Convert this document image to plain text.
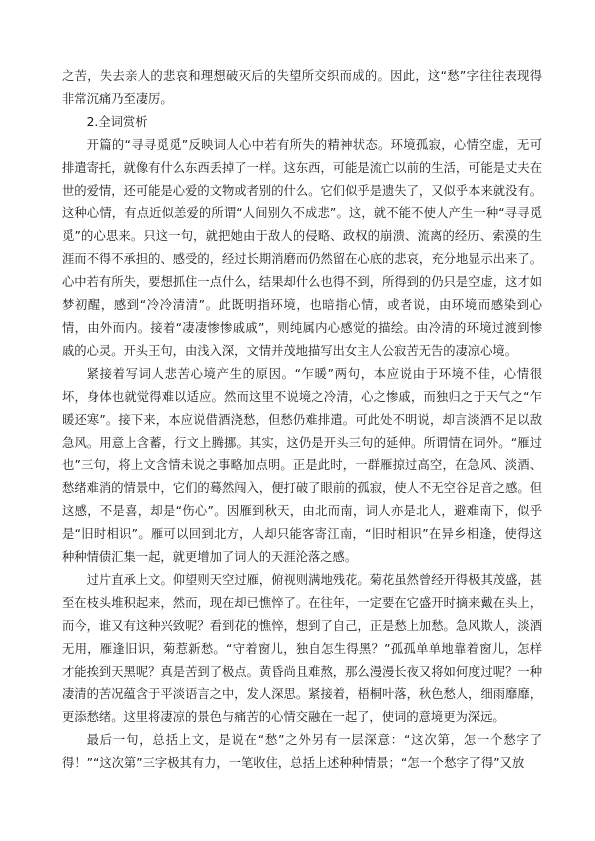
之苦，失去亲人的悲哀和理想破灭后的失望所交织而成的。因此，这“愁”字往往表现得非常沉痛乃至凄厉。

2.全词赏析

开篇的“寻寻觅觅”反映词人心中若有所失的精神状态。环境孤寂，心情空虚，无可排遣寄托，就像有什么东西丢掉了一样。这东西，可能是流亡以前的生活，可能是丈夫在世的爱情，还可能是心爱的文物或者别的什么。它们似乎是遗失了，又似乎本来就没有。这种心情，有点近似恙爱的所谓“人间别久不成悲”。这，就不能不使人产生一种“寻寻觅觅”的心思来。只这一句，就把她由于敌人的侵略、政权的崩溃、流离的经历、索漠的生涯而不得不承担的、感受的，经过长期消磨而仍然留在心底的悲哀，充分地显示出来了。心中若有所失，要想抓住一点什么，结果却什么也得不到，所得到的仍只是空虚，这才如梦初醒，感到“冷冷清清”。此既明指环境，也暗指心情，或者说，由环境而感染到心情，由外而内。接着“凄凄惨惨戚戚”，则纯属内心感觉的描绘。由冷清的环境过渡到惨戚的心灵。开头王句，由浅入深，文情并茂地描写出女主人公寂苦无告的凄凉心境。

紧接着写词人悲苦心境产生的原因。“乍暖”两句，本应说由于环境不佳，心情很坏，身体也就觉得难以适应。然而这里不说境之冷清，心之惨戚，而独归之于天气之“乍暖还寒”。接下来，本应说借酒浇愁，但愁仍难排遣。可此处不明说，却言淡酒不足以敌急风。用意上含蓄，行文上腾挪。其实，这仍是开头三句的延伸。所谓情在词外。“雁过也”三句，将上文含情未说之事略加点明。正是此时，一群雁掠过高空，在急风、淡酒、愁绪难消的情景中，它们的蓦然闯入，便打破了眼前的孤寂，使人不无空谷足音之感。但这感，不是喜，却是“伤心”。因雁到秋天，由北而南，词人亦是北人，避难南下，似乎是“旧时相识”。雁可以回到北方，人却只能客寄江南，“旧时相识”在异乡相逢，使得这种种情债汇集一起，就更增加了词人的天涯沦落之感。

过片直承上文。仰望则天空过雁，俯视则满地残花。菊花虽然曾经开得极其茂盛，甚至在枝头堆积起来，然而，现在却已憔悴了。在往年，一定要在它盛开时摘来戴在头上，而今，谁又有这种兴致呢？看到花的憔悴，想到了自己，正是愁上加愁。急风欺人，淡酒无用，雁逢旧识，菊惹新愁。“守着窗儿，独自怎生得黑？”孤孤单单地靠着窗儿，怎样才能挨到天黑呢？真是苦到了极点。黄昏尚且难熬，那么漫漫长夜又将如何度过呢？一种凄清的苦况蕴含于平淡语言之中，发人深思。紧接着，梧桐叶落，秋色愁人，细雨靡靡，更添愁绪。这里将凄凉的景色与痛苦的心情交融在一起了，使词的意境更为深远。

最后一句，总括上文，是说在“愁”之外另有一层深意：“这次第，怎一个愁字了得！”“这次第”三字极其有力，一笔收住，总括上述种种情景；“怎一个愁字了得”又放
